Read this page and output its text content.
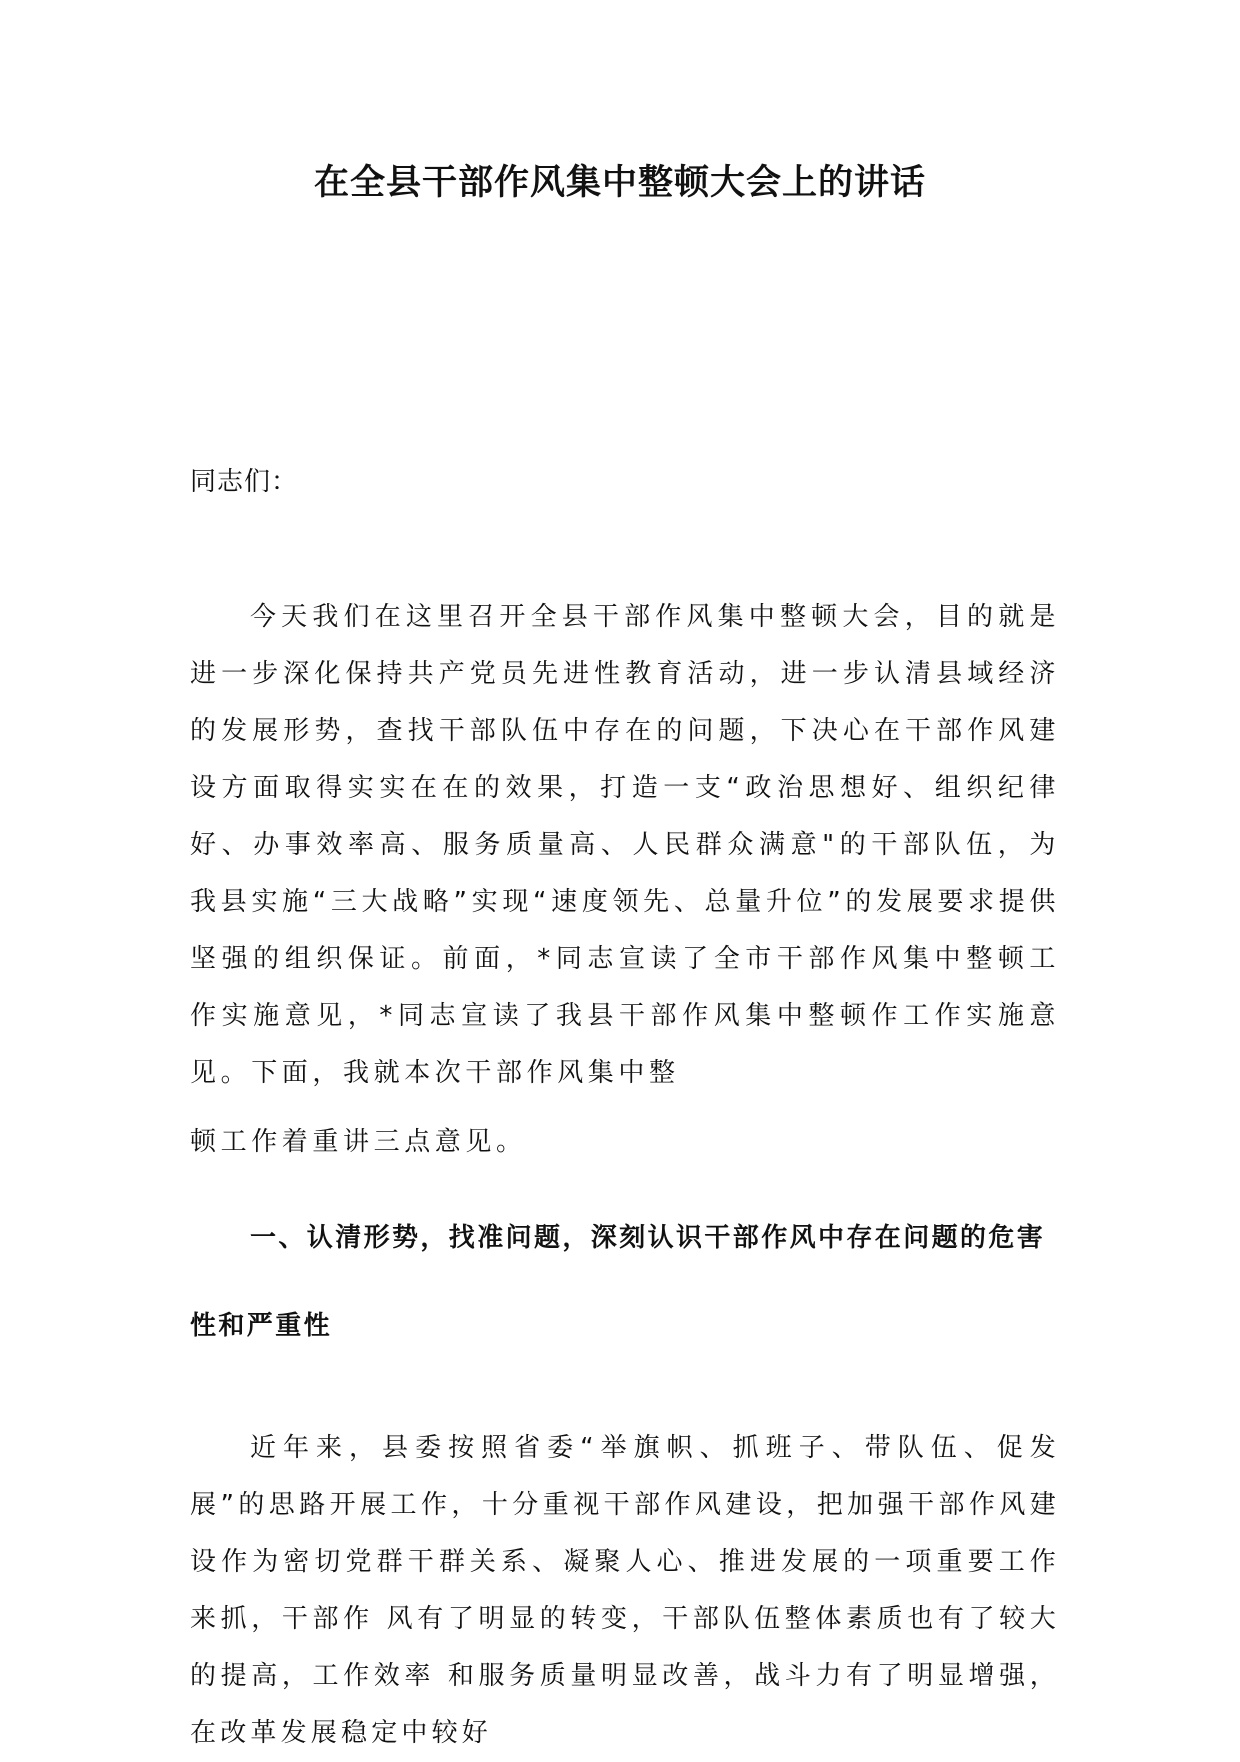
在全县干部作风集中整顿大会上的讲话
同志们：

今天我们在这里召开全县干部作风集中整顿大会，目的就是进一步深化保持共产党员先进性教育活动，进一步认清县域经济的发展形势，查找干部队伍中存在的问题，下决心在干部作风建设方面取得实实在在的效果，打造一支“政治思想好、组织纪律好、办事效率高、服务质量高、人民群众满意"的干部队伍，为我县实施“三大战略”实现“速度领先、总量升位”的发展要求提供坚强的组织保证。前面，*同志宣读了全市干部作风集中整顿工作实施意见，*同志宣读了我县干部作风集中整顿作工作实施意见。下面，我就本次干部作风集中整
顿工作着重讲三点意见。

一、认清形势，找准问题，深刻认识干部作风中存在问题的危害性和严重性

近年来，县委按照省委“举旗帜、抓班子、带队伍、促发展”的思路开展工作，十分重视干部作风建设，把加强干部作风建设作为密切党群干群关系、凝聚人心、推进发展的一项重要工作来抓，干部作 风有了明显的转变，干部队伍整体素质也有了较大的提高，工作效率 和服务质量明显改善，战斗力有了明显增强，在改革发展稳定中较好
